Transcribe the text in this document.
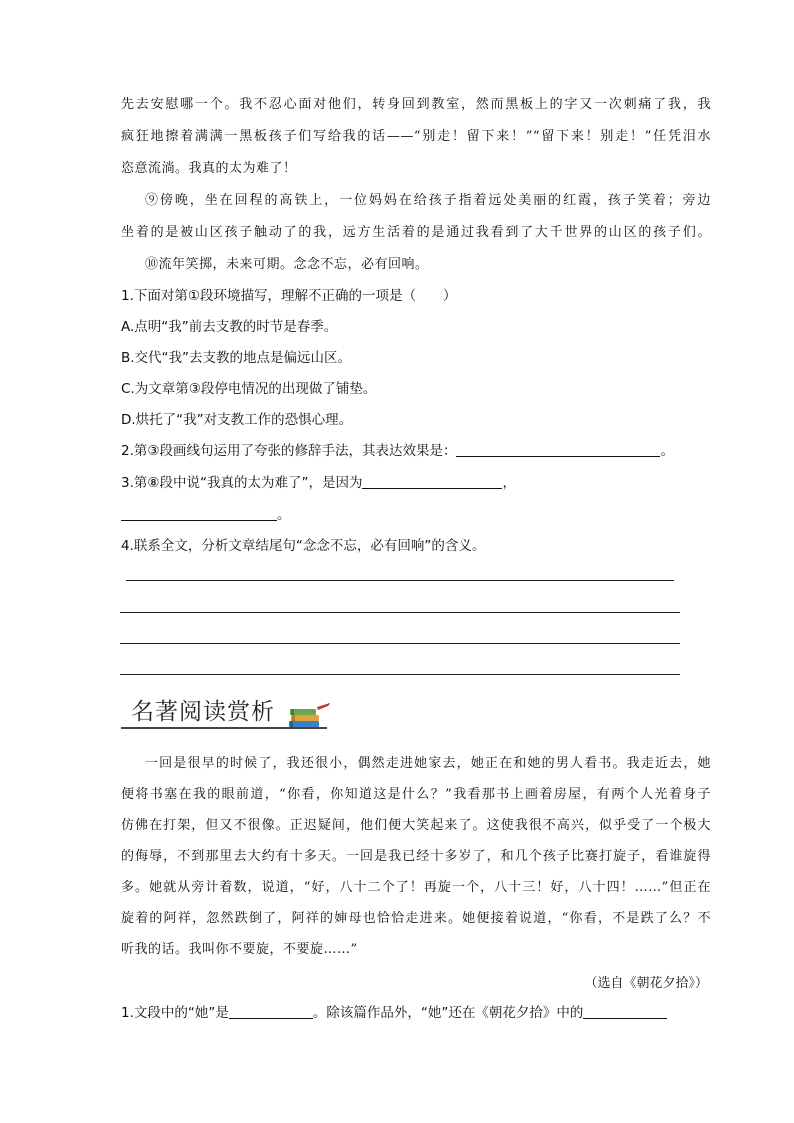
先去安慰哪一个。我不忍心面对他们，转身回到教室，然而黑板上的字又一次刺痛了我，我
疯狂地擦着满满一黑板孩子们写给我的话——“别走！留下来！”“留下来！别走！”任凭泪水
恣意流淌。我真的太为难了！
⑨傍晚，坐在回程的高铁上，一位妈妈在给孩子指着远处美丽的红霞，孩子笑着；旁边
坐着的是被山区孩子触动了的我，远方生活着的是通过我看到了大千世界的山区的孩子们。
⑩流年笑掷，未来可期。念念不忘，必有回响。
1.下面对第①段环境描写，理解不正确的一项是（　　）
A.点明“我”前去支教的时节是春季。
B.交代“我”去支教的地点是偏远山区。
C.为文章第③段停电情况的出现做了铺垫。
D.烘托了“我”对支教工作的恐惧心理。
2.第③段画线句运用了夸张的修辞手法，其表达效果是：	。
3.第⑧段中说“我真的太为难了”，是因为	，
。
4.联系全文，分析文章结尾句“念念不忘，必有回响”的含义。
名著阅读赏析
一回是很早的时候了，我还很小，偶然走进她家去，她正在和她的男人看书。我走近去，她
便将书塞在我的眼前道，“你看，你知道这是什么？”我看那书上画着房屋，有两个人光着身子
仿佛在打架，但又不很像。正迟疑间，他们便大笑起来了。这使我很不高兴，似乎受了一个极大
的侮辱，不到那里去大约有十多天。一回是我已经十多岁了，和几个孩子比赛打旋子，看谁旋得
多。她就从旁计着数，说道，“好，八十二个了！再旋一个，八十三！好，八十四！……”但正在
旋着的阿祥，忽然跌倒了，阿祥的婶母也恰恰走进来。她便接着说道，“你看，不是跌了么？不
听我的话。我叫你不要旋，不要旋……”
（选自《朝花夕拾》）
1.文段中的“她”是	。除该篇作品外，“她”还在《朝花夕拾》中的
